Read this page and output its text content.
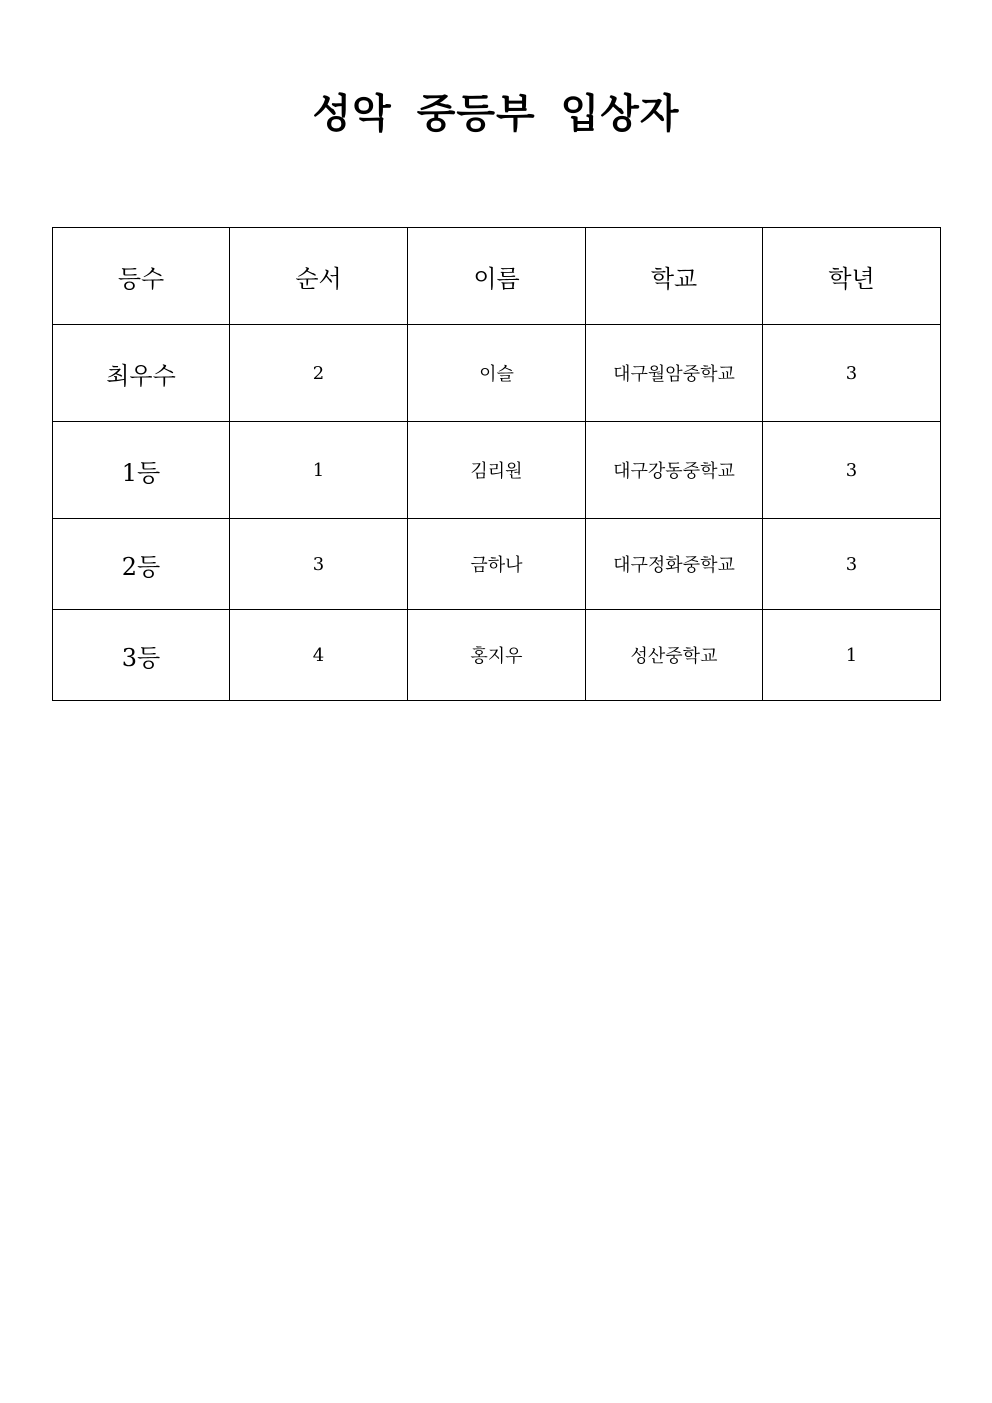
성악 중등부 입상자
등수	순서	이름	학교	학년
최우수	2	이슬	대구월암중학교	3
1등	1	김리원	대구강동중학교	3
2등	3	금하나	대구정화중학교	3
3등	4	홍지우	성산중학교	1
